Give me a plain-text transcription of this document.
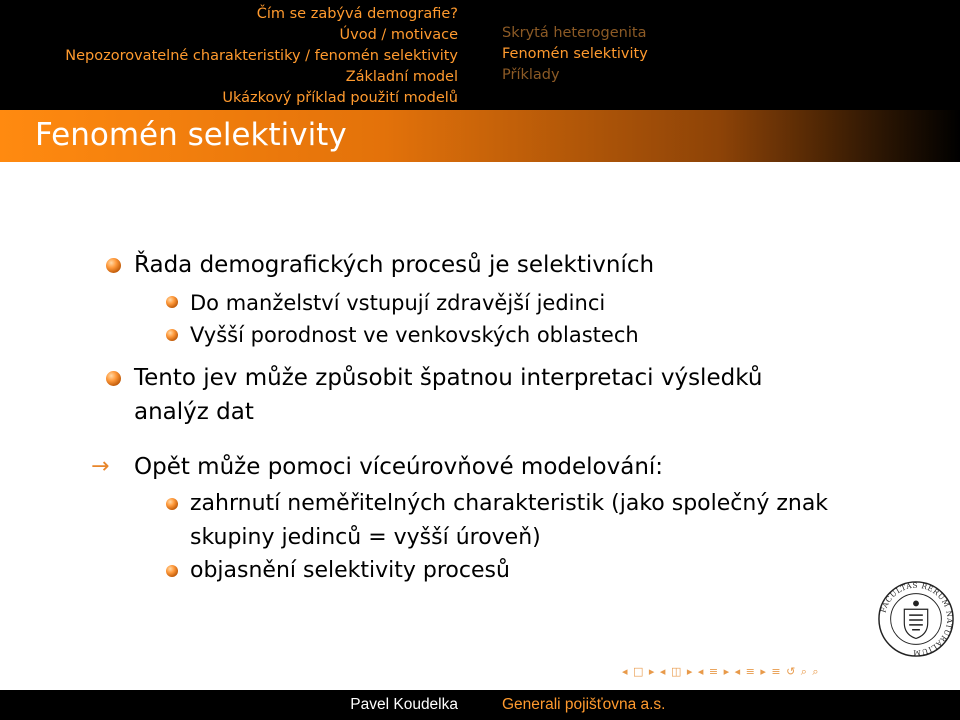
Čím se zabývá demografie?
Úvod / motivace
Nepozorovatelné charakteristiky / fenomén selektivity
Základní model
Ukázkový příklad použití modelů
Skrytá heterogenita
Fenomén selektivity
Příklady
Fenomén selektivity
Řada demografických procesů je selektivních
Do manželství vstupují zdravější jedinci
Vyšší porodnost ve venkovských oblastech
Tento jev může způsobit špatnou interpretaci výsledků
analýz dat
→ Opět může pomoci víceúrovňové modelování:
zahrnutí neměřitelných charakteristik (jako společný znak
skupiny jedinců = vyšší úroveň)
objasnění selektivity procesů
FACULTAS RERUM NATURALIUM
◂ □ ▸ ◂ ◫ ▸ ◂ ≡ ▸ ◂ ≡ ▸ ≡ ↺ ⌕ ⌕
Pavel Koudelka	Generali pojišťovna a.s.
